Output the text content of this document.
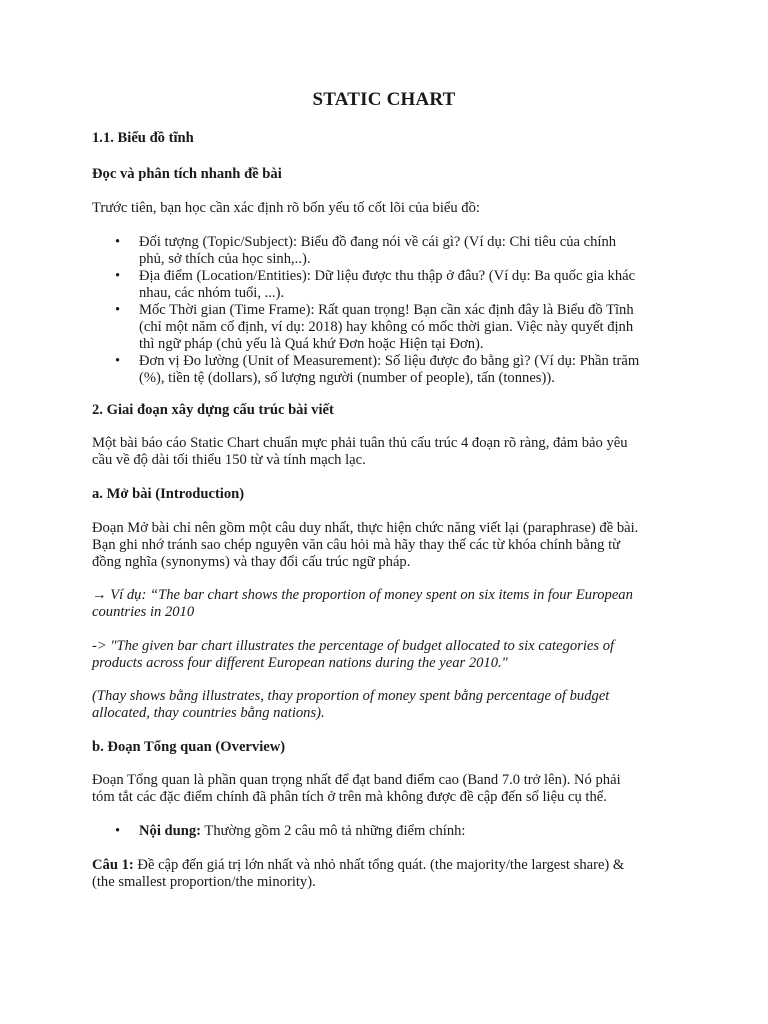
STATIC CHART
1.1. Biểu đồ tĩnh
Đọc và phân tích nhanh đề bài
Trước tiên, bạn học cần xác định rõ bốn yếu tố cốt lõi của biểu đồ:
• Đối tượng (Topic/Subject): Biểu đồ đang nói về cái gì? (Ví dụ: Chi tiêu của chính
phủ, sở thích của học sinh,..).
• Địa điểm (Location/Entities): Dữ liệu được thu thập ở đâu? (Ví dụ: Ba quốc gia khác
nhau, các nhóm tuổi, ...).
• Mốc Thời gian (Time Frame): Rất quan trọng! Bạn cần xác định đây là Biểu đồ Tĩnh
(chỉ một năm cố định, ví dụ: 2018) hay không có mốc thời gian. Việc này quyết định
thì ngữ pháp (chủ yếu là Quá khứ Đơn hoặc Hiện tại Đơn).
• Đơn vị Đo lường (Unit of Measurement): Số liệu được đo bằng gì? (Ví dụ: Phần trăm
(%), tiền tệ (dollars), số lượng người (number of people), tấn (tonnes)).
2. Giai đoạn xây dựng cấu trúc bài viết
Một bài báo cáo Static Chart chuẩn mực phải tuân thủ cấu trúc 4 đoạn rõ ràng, đảm bảo yêu
cầu về độ dài tối thiểu 150 từ và tính mạch lạc.
a. Mở bài (Introduction)
Đoạn Mở bài chỉ nên gồm một câu duy nhất, thực hiện chức năng viết lại (paraphrase) đề bài.
Bạn ghi nhớ tránh sao chép nguyên văn câu hỏi mà hãy thay thế các từ khóa chính bằng từ
đồng nghĩa (synonyms) và thay đổi cấu trúc ngữ pháp.
→ Ví dụ: “The bar chart shows the proportion of money spent on six items in four European
countries in 2010
-> "The given bar chart illustrates the percentage of budget allocated to six categories of
products across four different European nations during the year 2010."
(Thay shows bằng illustrates, thay proportion of money spent bằng percentage of budget
allocated, thay countries bằng nations).
b. Đoạn Tổng quan (Overview)
Đoạn Tổng quan là phần quan trọng nhất để đạt band điểm cao (Band 7.0 trở lên). Nó phải
tóm tắt các đặc điểm chính đã phân tích ở trên mà không được đề cập đến số liệu cụ thể.
• Nội dung: Thường gồm 2 câu mô tả những điểm chính:
Câu 1: Đề cập đến giá trị lớn nhất và nhỏ nhất tổng quát. (the majority/the largest share) &
(the smallest proportion/the minority).
